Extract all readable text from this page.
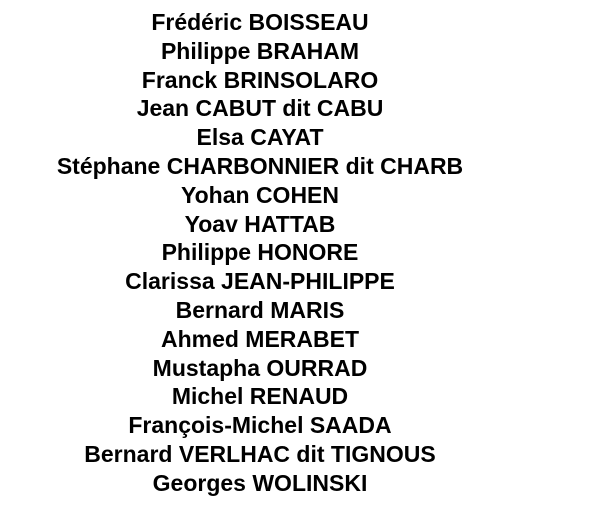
Frédéric BOISSEAU
Philippe BRAHAM
Franck BRINSOLARO
Jean CABUT dit CABU
Elsa CAYAT
Stéphane CHARBONNIER dit CHARB
Yohan COHEN
Yoav HATTAB
Philippe HONORE
Clarissa JEAN-PHILIPPE
Bernard MARIS
Ahmed MERABET
Mustapha OURRAD
Michel RENAUD
François-Michel SAADA
Bernard VERLHAC dit TIGNOUS
Georges WOLINSKI
